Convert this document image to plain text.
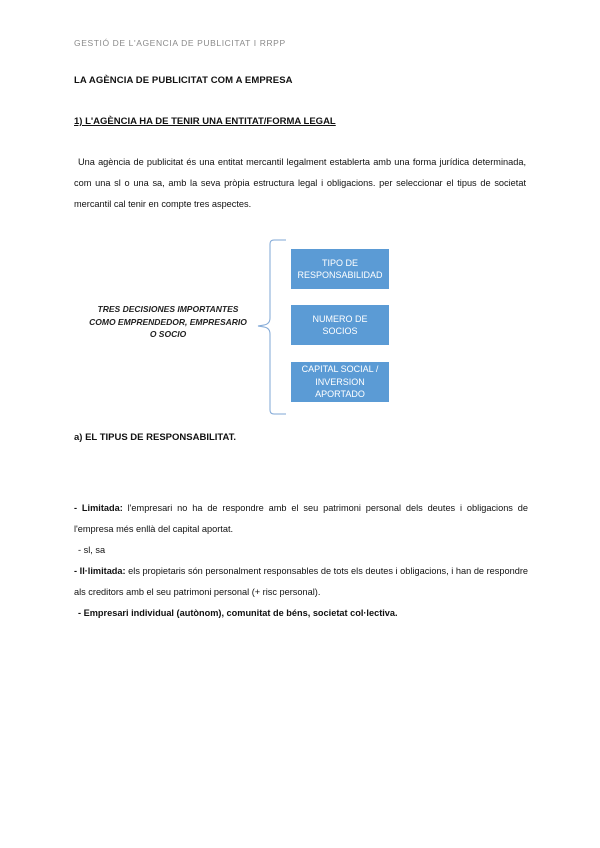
GESTIÓ DE L'AGENCIA DE PUBLICITAT I RRPP
LA AGÈNCIA DE PUBLICITAT COM A EMPRESA
1) L'AGÈNCIA HA DE TENIR UNA ENTITAT/FORMA LEGAL
Una agència de publicitat és una entitat mercantil legalment establerta amb una forma jurídica determinada, com una sl o una sa, amb la seva pròpia estructura legal i obligacions. per seleccionar el tipus de societat mercantil cal tenir en compte tres aspectes.
TRES DECISIONES IMPORTANTES
COMO EMPRENDEDOR, EMPRESARIO
O SOCIO
TIPO DE
RESPONSABILIDAD
NUMERO DE
SOCIOS
CAPITAL SOCIAL /
INVERSION
APORTADO
a) EL TIPUS DE RESPONSABILITAT.
- Limitada: l'empresari no ha de respondre amb el seu patrimoni personal dels deutes i obligacions de l'empresa més enllà del capital aportat.
- sl, sa
- Il·limitada: els propietaris són personalment responsables de tots els deutes i obligacions, i han de respondre als creditors amb el seu patrimoni personal (+ risc personal).
- Empresari individual (autònom), comunitat de béns, societat col·lectiva.
